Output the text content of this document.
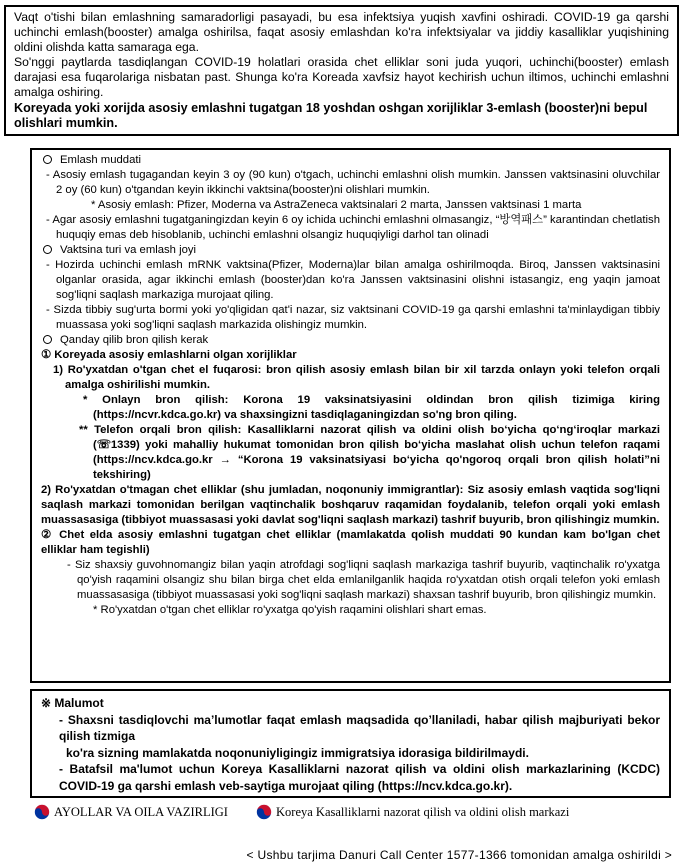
Vaqt o'tishi bilan emlashning samaradorligi pasayadi, bu esa infektsiya yuqish xavfini oshiradi. COVID-19 ga qarshi uchinchi emlash(booster) amalga oshirilsa, faqat asosiy emlashdan ko'ra infektsiyalar va jiddiy kasalliklar yuqishining oldini olishda katta samaraga ega.

So'nggi paytlarda tasdiqlangan COVID-19 holatlari orasida chet elliklar soni juda yuqori, uchinchi(booster) emlash darajasi esa fuqarolariga nisbatan past. Shunga ko'ra Koreada xavfsiz hayot kechirish uchun iltimos, uchinchi emlashni amalga oshiring.

Koreyada yoki xorijda asosiy emlashni tugatgan 18 yoshdan oshgan xorijliklar 3-emlash (booster)ni bepul olishlari mumkin.

Emlash muddati

- Asosiy emlash tugagandan keyin 3 oy (90 kun) o'tgach, uchinchi emlashni olish mumkin. Janssen vaktsinasini oluvchilar 2 oy (60 kun) o'tgandan keyin ikkinchi vaktsina(booster)ni olishlari mumkin.

* Asosiy emlash: Pfizer, Moderna va AstraZeneca vaktsinalari 2 marta, Janssen vaktsinasi 1 marta

- Agar asosiy emlashni tugatganingizdan keyin 6 oy ichida uchinchi emlashni olmasangiz, “방역패스” karantindan chetlatish huquqiy emas deb hisoblanib, uchinchi emlashni olsangiz huquqiyligi darhol tan olinadi

Vaktsina turi va emlash joyi

- Hozirda uchinchi emlash mRNK vaktsina(Pfizer, Moderna)lar bilan amalga oshirilmoqda. Biroq, Janssen vaktsinasini olganlar orasida, agar ikkinchi emlash (booster)dan ko'ra Janssen vaktsinasini olishni istasangiz, eng yaqin jamoat sog'liqni saqlash markaziga murojaat qiling.

- Sizda tibbiy sug'urta bormi yoki yo'qligidan qat'i nazar, siz vaktsinani COVID-19 ga qarshi emlashni ta'minlaydigan tibbiy muassasa yoki sog'liqni saqlash markazida olishingiz mumkin.

Qanday qilib bron qilish kerak

① Koreyada asosiy emlashlarni olgan xorijliklar

1) Ro'yxatdan o'tgan chet el fuqarosi: bron qilish asosiy emlash bilan bir xil tarzda onlayn yoki telefon orqali amalga oshirilishi mumkin.

* Onlayn bron qilish: Korona 19 vaksinatsiyasini oldindan bron qilish tizimiga kiring (https://ncvr.kdca.go.kr) va shaxsingizni tasdiqlaganingizdan so'ng bron qiling.

** Telefon orqali bron qilish: Kasalliklarni nazorat qilish va oldini olish bo‘yicha qo‘ng‘iroqlar markazi (☏1339) yoki mahalliy hukumat tomonidan bron qilish bo‘yicha maslahat olish uchun telefon raqami (https://ncv.kdca.go.kr → “Korona 19 vaksinatsiyasi bo‘yicha qo'ngoroq orqali bron qilish holati”ni tekshiring)

2) Ro'yxatdan o'tmagan chet elliklar (shu jumladan, noqonuniy immigrantlar): Siz asosiy emlash vaqtida sog'liqni saqlash markazi tomonidan berilgan vaqtinchalik boshqaruv raqamidan foydalanib, telefon orqali yoki emlash muassasasiga (tibbiyot muassasasi yoki davlat sog'liqni saqlash markazi) tashrif buyurib, bron qilishingiz mumkin.

② Chet elda asosiy emlashni tugatgan chet elliklar (mamlakatda qolish muddati 90 kundan kam bo'lgan chet elliklar ham tegishli)

- Siz shaxsiy guvohnomangiz bilan yaqin atrofdagi sog'liqni saqlash markaziga tashrif buyurib, vaqtinchalik ro'yxatga qo'yish raqamini olsangiz shu bilan birga chet elda emlanilganlik haqida ro'yxatdan otish orqali telefon yoki emlash muassasasiga (tibbiyot muassasasi yoki sog'liqni saqlash markazi) shaxsan tashrif buyurib, bron qilishingiz mumkin.

* Ro'yxatdan o'tgan chet elliklar ro'yxatga qo'yish raqamini olishlari shart emas.

※ Malumot

- Shaxsni tasdiqlovchi ma’lumotlar faqat emlash maqsadida qo’llaniladi, habar qilish majburiyati bekor qilish tizmiga

ko'ra sizning mamlakatda noqonuniyligingiz immigratsiya idorasiga bildirilmaydi.

- Batafsil ma'lumot uchun Koreya Kasalliklarni nazorat qilish va oldini olish markazlarining (KCDC) COVID-19 ga qarshi emlash veb-saytiga murojaat qiling (https://ncv.kdca.go.kr).

AYOLLAR VA OILA VAZIRLIGI	Koreya Kasalliklarni nazorat qilish va oldini olish markazi
< Ushbu tarjima Danuri Call Center 1577-1366 tomonidan amalga oshirildi >
